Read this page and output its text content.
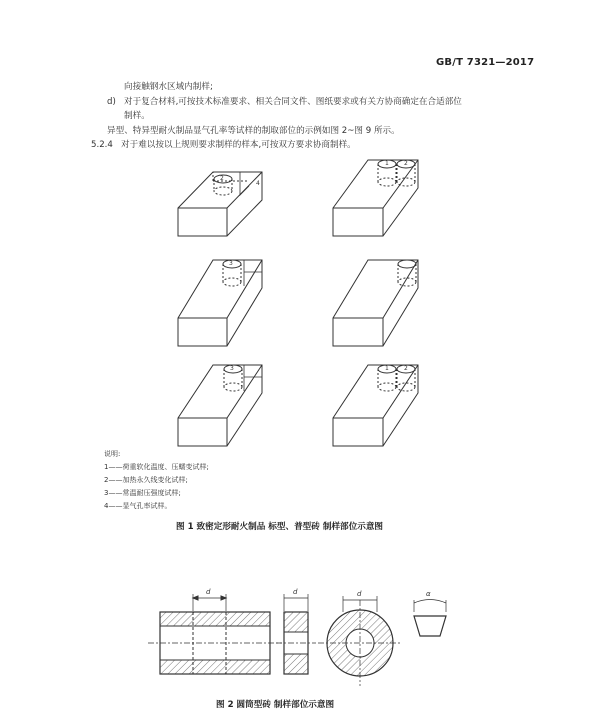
GB/T 7321—2017
向接触钢水区域内制样;
d) 对于复合材料,可按技术标准要求、相关合同文件、图纸要求或有关方协商确定在合适部位
制样。
异型、特异型耐火制品显气孔率等试样的制取部位的示例如图 2~图 9 所示。
5.2.4 对于难以按以上规则要求制样的样本,可按双方要求协商制样。
2
4
1	2
3
3	1	2
说明:
1——荷重软化温度、压蠕变试样;
2——加热永久线变化试样;
3——常温耐压强度试样;
4——显气孔率试样。
图 1 致密定形耐火制品 标型、普型砖 制样部位示意图
d	d	d	α
图 2 圆筒型砖 制样部位示意图
